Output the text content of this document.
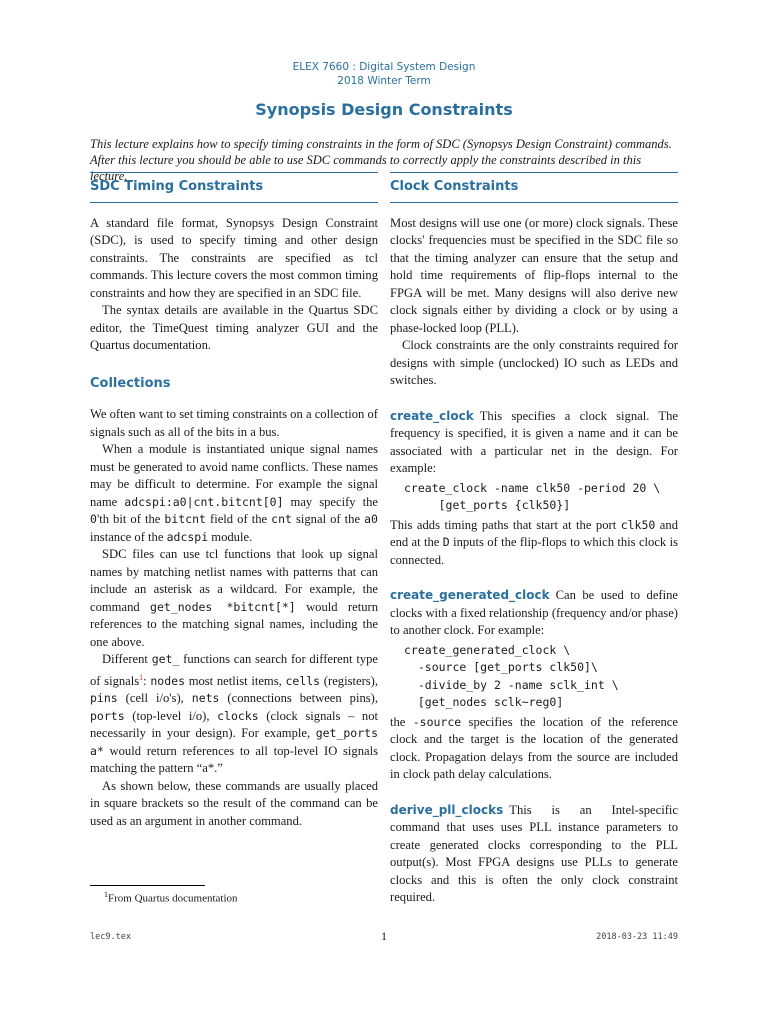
ELEX 7660 : Digital System Design
2018 Winter Term
Synopsis Design Constraints
This lecture explains how to specify timing constraints in the form of SDC (Synopsys Design Constraint) commands. After this lecture you should be able to use SDC commands to correctly apply the constraints described in this lecture.
SDC Timing Constraints

A standard file format, Synopsys Design Constraint (SDC), is used to specify timing and other design constraints. The constraints are specified as tcl commands. This lecture covers the most common timing constraints and how they are specified in an SDC file.

The syntax details are available in the Quartus SDC editor, the TimeQuest timing analyzer GUI and the Quartus documentation.

Collections

We often want to set timing constraints on a collection of signals such as all of the bits in a bus.

When a module is instantiated unique signal names must be generated to avoid name conflicts. These names may be difficult to determine. For example the signal name adcspi:a0|cnt.bitcnt[0] may specify the 0'th bit of the bitcnt field of the cnt signal of the a0 instance of the adcspi module.

SDC files can use tcl functions that look up signal names by matching netlist names with patterns that can include an asterisk as a wildcard. For example, the command get_nodes *bitcnt[*] would return references to the matching signal names, including the one above.

Different get_ functions can search for different type of signals$^1$: nodes most netlist items, cells (registers), pins (cell i/o's), nets (connections between pins), ports (top-level i/o), clocks (clock signals – not necessarily in your design). For example, get_ports a* would return references to all top-level IO signals matching the pattern “a*.”

As shown below, these commands are usually placed in square brackets so the result of the command can be used as an argument in another command.

Clock Constraints

Most designs will use one (or more) clock signals. These clocks' frequencies must be specified in the SDC file so that the timing analyzer can ensure that the setup and hold time requirements of flip-flops internal to the FPGA will be met. Many designs will also derive new clock signals either by dividing a clock or by using a phase-locked loop (PLL).

Clock constraints are the only constraints required for designs with simple (unclocked) IO such as LEDs and switches.

create_clock This specifies a clock signal. The frequency is specified, it is given a name and it can be associated with a particular net in the design. For example:

create_clock -name clk50 -period 20 \
[get_ports {clk50}]

This adds timing paths that start at the port clk50 and end at the D inputs of the flip-flops to which this clock is connected.

create_generated_clock Can be used to define clocks with a fixed relationship (frequency and/or phase) to another clock. For example:

create_generated_clock \
-source [get_ports clk50]\
-divide_by 2 -name sclk_int \
[get_nodes sclk~reg0]

the -source specifies the location of the reference clock and the target is the location of the generated clock. Propagation delays from the source are included in clock path delay calculations.

derive_pll_clocks This is an Intel-specific command that uses uses PLL instance parameters to create generated clocks corresponding to the PLL output(s). Most FPGA designs use PLLs to generate clocks and this is often the only clock constraint required.

$^1$From Quartus documentation
lec9.tex	1	2018-03-23 11:49
